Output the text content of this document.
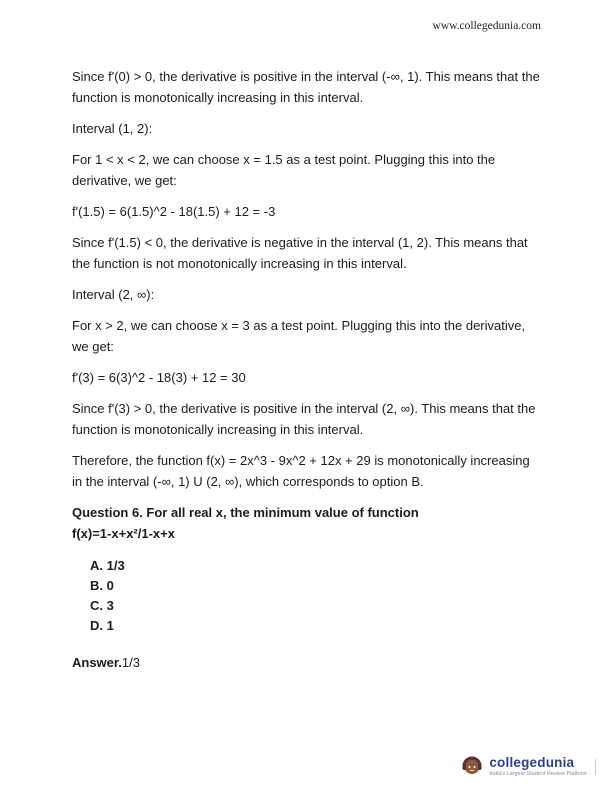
www.collegedunia.com

Since f'(0) > 0, the derivative is positive in the interval (-∞, 1). This means that the function is monotonically increasing in this interval.

Interval (1, 2):

For 1 < x < 2, we can choose x = 1.5 as a test point. Plugging this into the derivative, we get:

f'(1.5) = 6(1.5)^2 - 18(1.5) + 12 = -3

Since f'(1.5) < 0, the derivative is negative in the interval (1, 2). This means that the function is not monotonically increasing in this interval.

Interval (2, ∞):

For x > 2, we can choose x = 3 as a test point. Plugging this into the derivative, we get:

f'(3) = 6(3)^2 - 18(3) + 12 = 30

Since f'(3) > 0, the derivative is positive in the interval (2, ∞). This means that the function is monotonically increasing in this interval.

Therefore, the function f(x) = 2x^3 - 9x^2 + 12x + 29 is monotonically increasing in the interval (-∞, 1) U (2, ∞), which corresponds to option B.

Question 6. For all real x, the minimum value of function
f(x)=1-x+x²/1-x+x
A. 1/3
B. 0
C. 3
D. 1
Answer.1/3
collegedunia
India's Largest Student Review Platform
